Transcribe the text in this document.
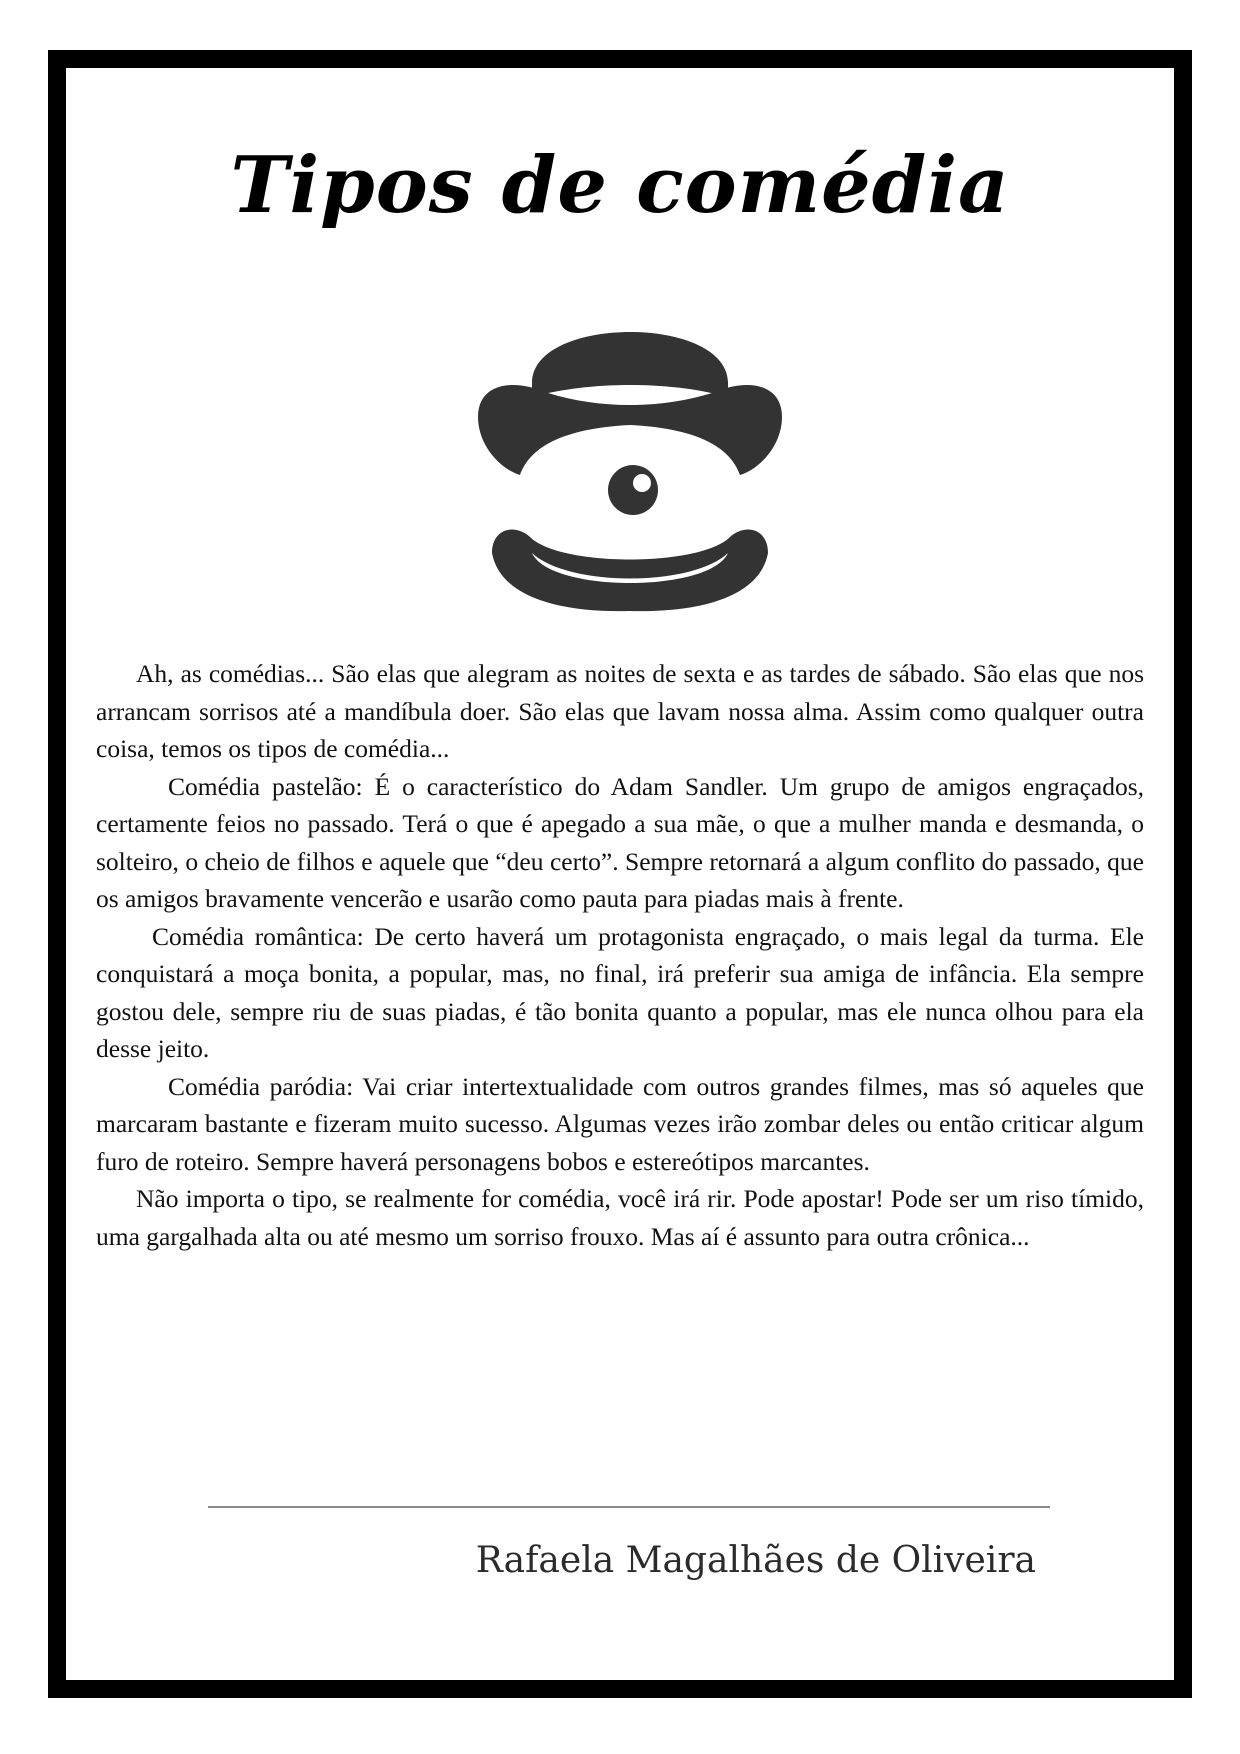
Tipos de comédia

Ah, as comédias... São elas que alegram as noites de sexta e as tardes de sábado. São elas que nos arrancam sorrisos até a mandíbula doer. São elas que lavam nossa alma. Assim como qualquer outra coisa, temos os tipos de comédia...

Comédia pastelão: É o característico do Adam Sandler. Um grupo de amigos engraçados, certamente feios no passado. Terá o que é apegado a sua mãe, o que a mulher manda e desmanda, o solteiro, o cheio de filhos e aquele que “deu certo”. Sempre retornará a algum conflito do passado, que os amigos bravamente vencerão e usarão como pauta para piadas mais à frente.

Comédia romântica: De certo haverá um protagonista engraçado, o mais legal da turma. Ele conquistará a moça bonita, a popular, mas, no final, irá preferir sua amiga de infância. Ela sempre gostou dele, sempre riu de suas piadas, é tão bonita quanto a popular, mas ele nunca olhou para ela desse jeito.

Comédia paródia: Vai criar intertextualidade com outros grandes filmes, mas só aqueles que marcaram bastante e fizeram muito sucesso. Algumas vezes irão zombar deles ou então criticar algum furo de roteiro. Sempre haverá personagens bobos e estereótipos marcantes.

Não importa o tipo, se realmente for comédia, você irá rir. Pode apostar! Pode ser um riso tímido, uma gargalhada alta ou até mesmo um sorriso frouxo. Mas aí é assunto para outra crônica...

Rafaela Magalhães de Oliveira
